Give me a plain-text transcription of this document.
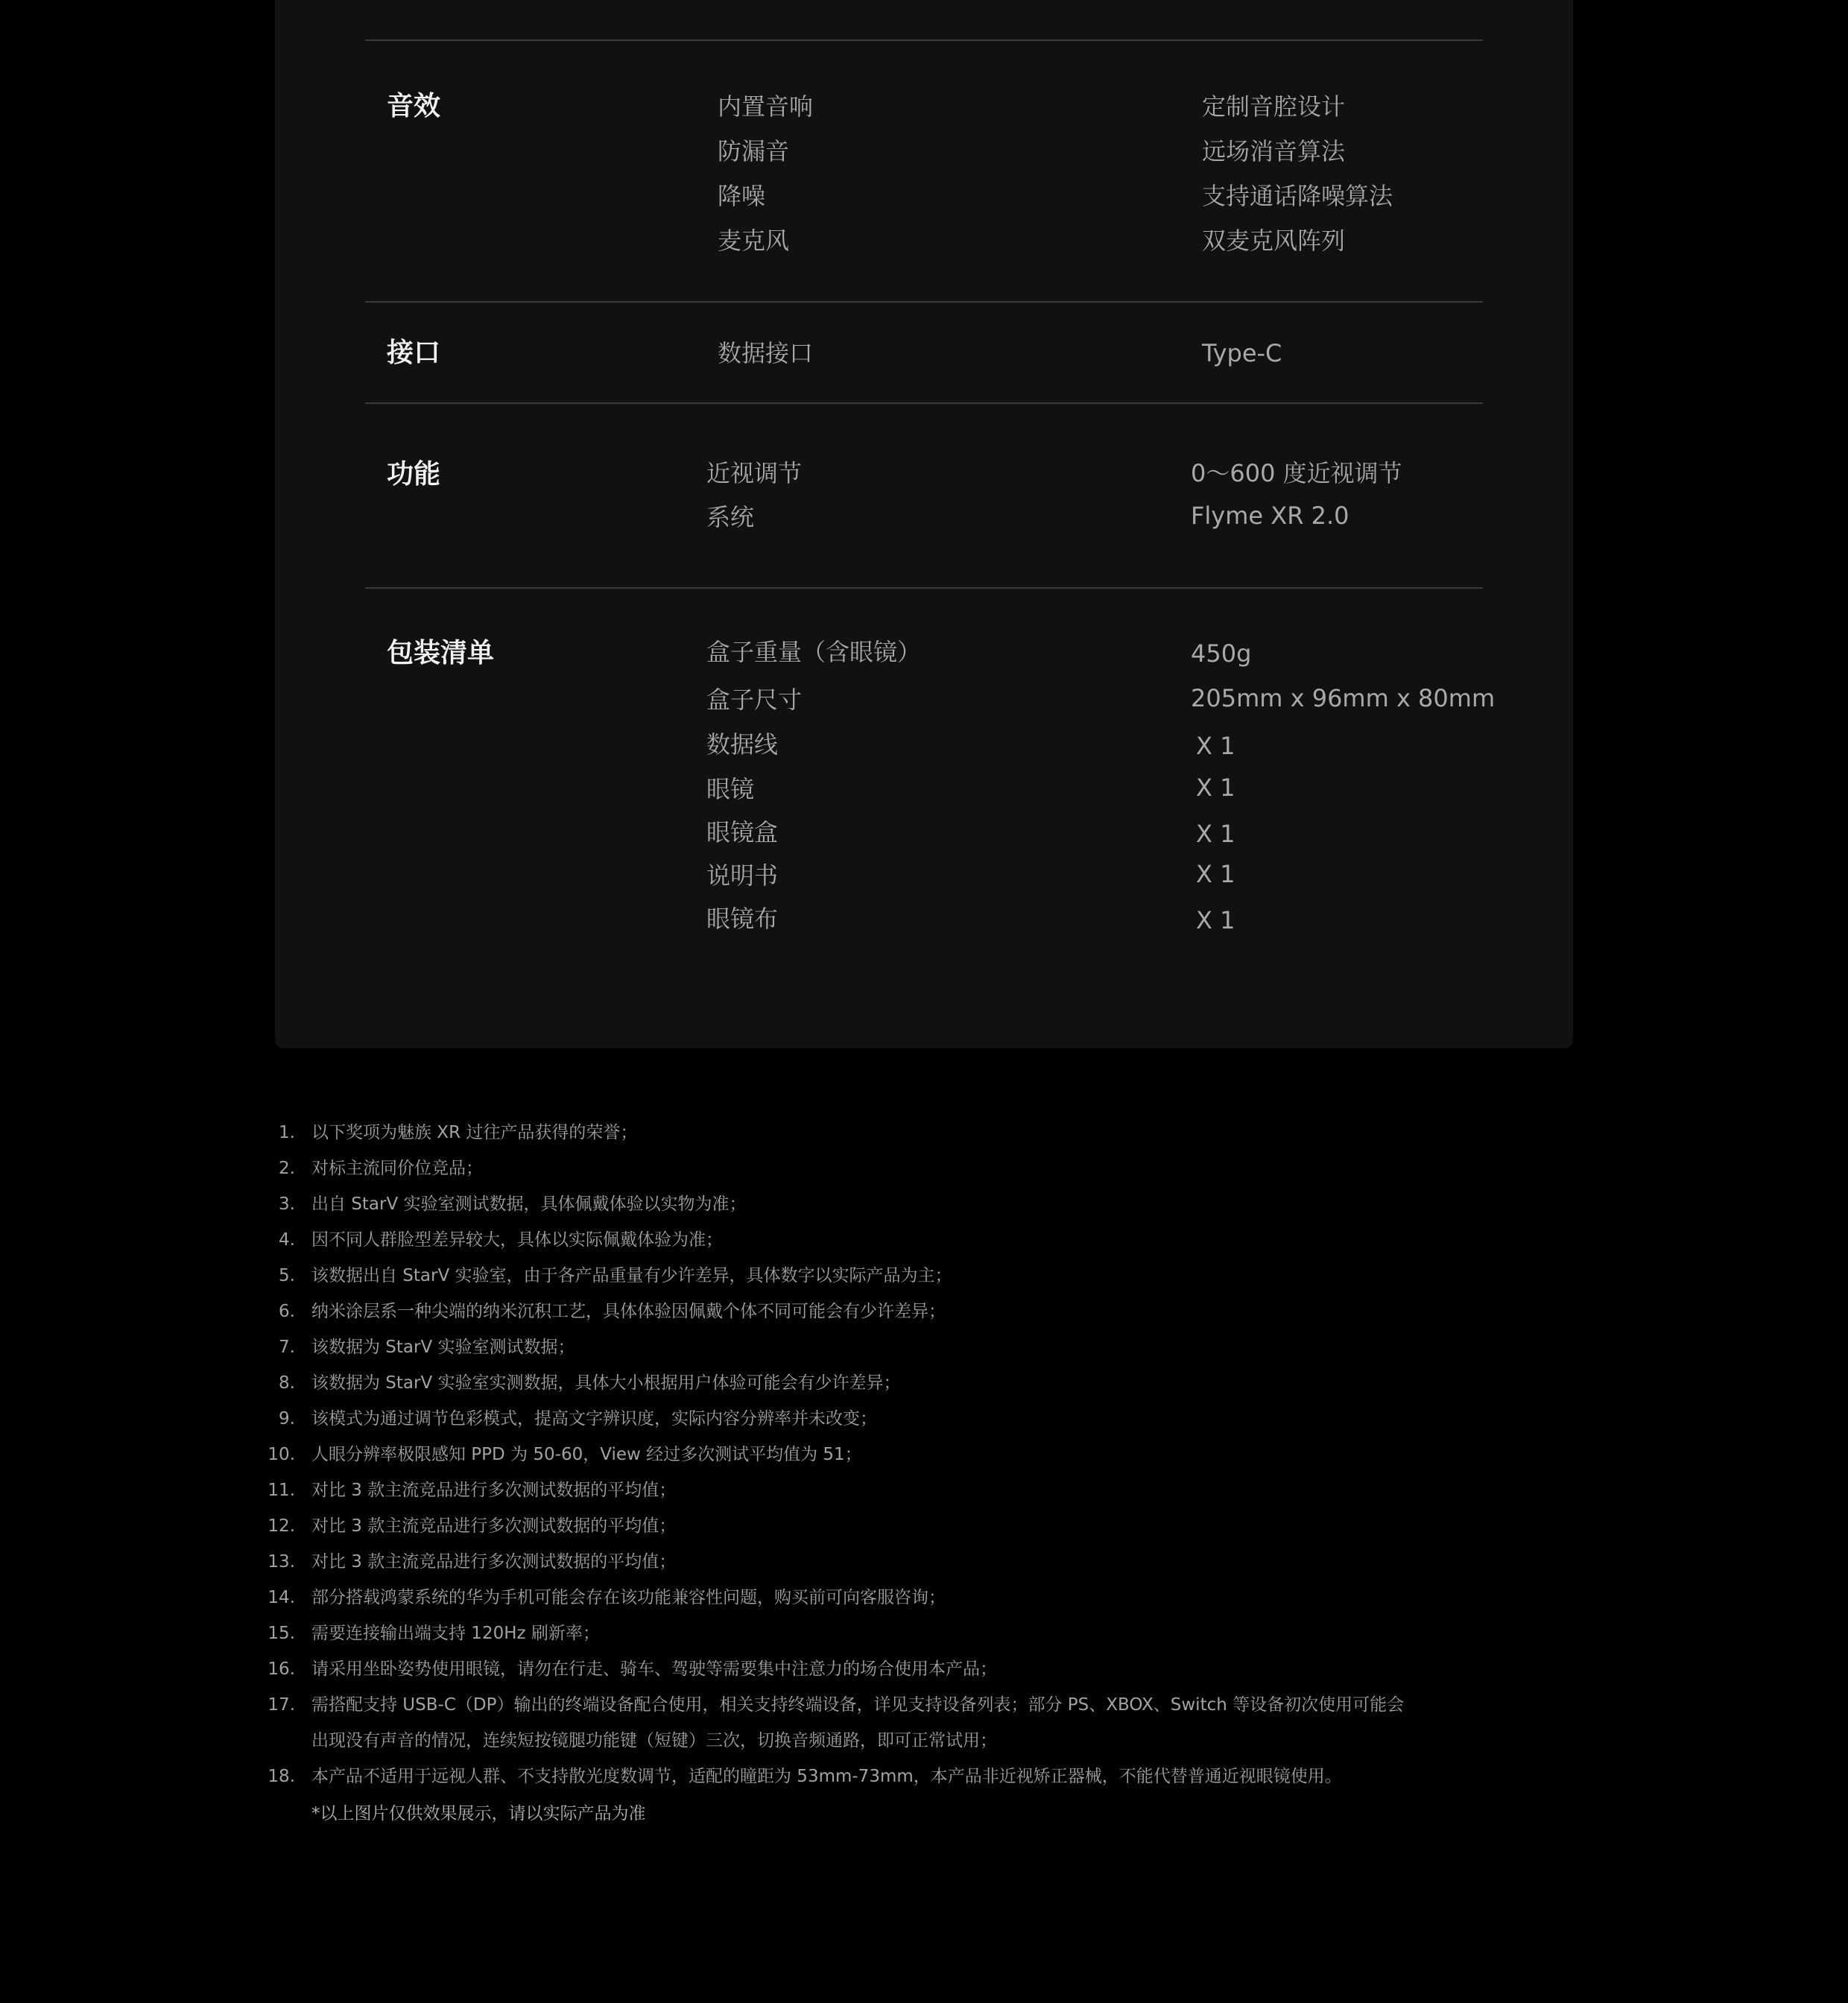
音效	内置音响	定制音腔设计
防漏音	远场消音算法
降噪	支持通话降噪算法
麦克风	双麦克风阵列
接口	数据接口	Type-C
功能	近视调节	0～600 度近视调节
系统	Flyme XR 2.0
包装清单	盒子重量（含眼镜）	450g
盒子尺寸	205mm x 96mm x 80mm
数据线	X 1
眼镜	X 1
眼镜盒	X 1
说明书	X 1
眼镜布	X 1
1. 以下奖项为魅族 XR 过往产品获得的荣誉；
2. 对标主流同价位竞品；
3. 出自 StarV 实验室测试数据，具体佩戴体验以实物为准；
4. 因不同人群脸型差异较大，具体以实际佩戴体验为准；
5. 该数据出自 StarV 实验室，由于各产品重量有少许差异，具体数字以实际产品为主；
6. 纳米涂层系一种尖端的纳米沉积工艺，具体体验因佩戴个体不同可能会有少许差异；
7. 该数据为 StarV 实验室测试数据；
8. 该数据为 StarV 实验室实测数据，具体大小根据用户体验可能会有少许差异；
9. 该模式为通过调节色彩模式，提高文字辨识度，实际内容分辨率并未改变；
10. 人眼分辨率极限感知 PPD 为 50-60，View 经过多次测试平均值为 51；
11. 对比 3 款主流竞品进行多次测试数据的平均值；
12. 对比 3 款主流竞品进行多次测试数据的平均值；
13. 对比 3 款主流竞品进行多次测试数据的平均值；
14. 部分搭载鸿蒙系统的华为手机可能会存在该功能兼容性问题，购买前可向客服咨询；
15. 需要连接输出端支持 120Hz 刷新率；
16. 请采用坐卧姿势使用眼镜，请勿在行走、骑车、驾驶等需要集中注意力的场合使用本产品；
17. 需搭配支持 USB-C（DP）输出的终端设备配合使用，相关支持终端设备，详见支持设备列表；部分 PS、XBOX、Switch 等设备初次使用可能会
出现没有声音的情况，连续短按镜腿功能键（短键）三次，切换音频通路，即可正常试用；
18. 本产品不适用于远视人群、不支持散光度数调节，适配的瞳距为 53mm-73mm，本产品非近视矫正器械，不能代替普通近视眼镜使用。
*以上图片仅供效果展示，请以实际产品为准
